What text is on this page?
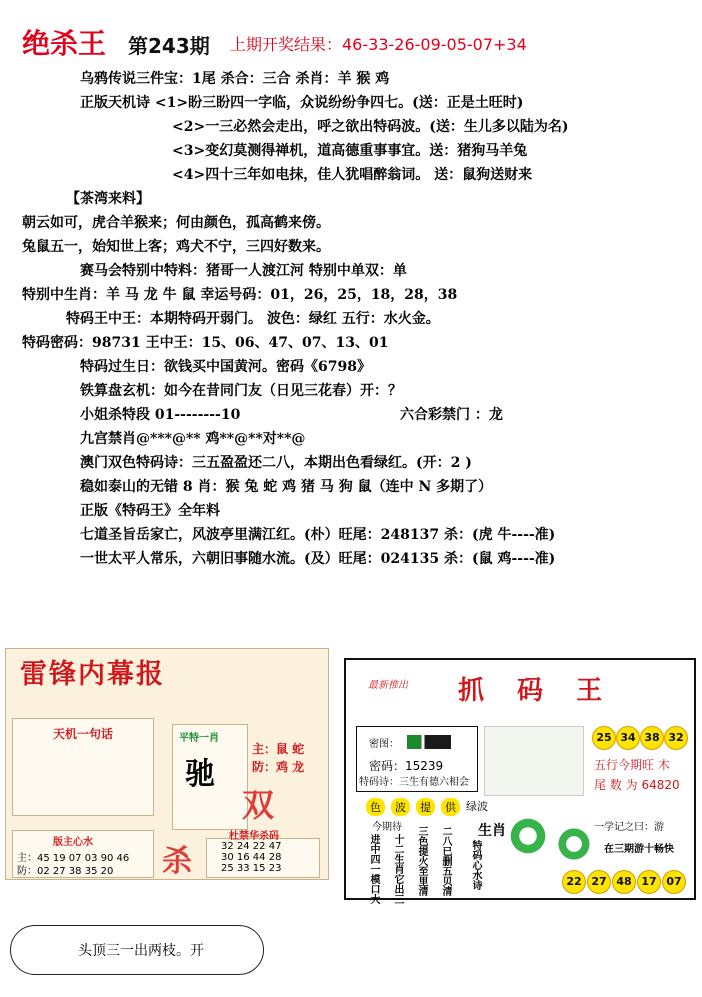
绝杀王 第243期 上期开奖结果：46-33-26-09-05-07+34
乌鸦传说三件宝：1尾 杀合：三合 杀肖：羊 猴 鸡
正版天机诗 <1>盼三盼四一字临，众说纷纷争四七。(送：正是土旺时)
<2>一三必然会走出，呼之欲出特码波。(送：生儿多以陆为名)
<3>变幻莫测得禅机，道高德重事事宜。送：猪狗马羊兔
<4>四十三年如电抹，佳人犹唱醉翁词。 送：鼠狗送财来
【茶湾来料】
朝云如可，虎合羊猴来；何由颜色，孤高鹤来傍。
兔鼠五一，始知世上客；鸡犬不宁，三四好数来。
赛马会特别中特料：猪哥一人渡江河 特别中单双：单
特别中生肖：羊 马 龙 牛 鼠 幸运号码：01，26，25，18，28，38
特码王中王：本期特码开弱门。 波色：绿红 五行：水火金。
特码密码：98731 王中王：15、06、47、07、13、01
特码过生日：欲钱买中国黄河。密码《6798》
铁算盘玄机：如今在昔同门友（日见三花春）开：？
小姐杀特段 01--------10	六合彩禁门 ：龙
九宫禁肖@***@** 鸡**@**对**@
澳门双色特码诗：三五盈盈还二八，本期出色看绿红。(开：2 )
稳如泰山的无错 8 肖：猴 兔 蛇 鸡 猪 马 狗 鼠（连中 N 多期了）
正版《特码王》全年料
七道圣旨岳家亡，风波亭里满江红。(朴）旺尾：248137 杀：(虎 牛----准)
一世太平人常乐，六朝旧事随水流。(及）旺尾：024135 杀：(鼠 鸡----准)
雷锋内幕报
天机一句话	平特一肖
驰
主：鼠 蛇
防：鸡 龙
双
版主心水
主：45 19 07 03 90 46
防：02 27 38 35 20 杀
杜禁华杀码
32 24 22 47
30 16 44 28
25 33 15 23
最新推出 抓 码 王
密图：
密码：15239
特码诗：三生有德六相会
25 34 38 32
五行今期旺 木
尾 数 为 64820
色	波	提	供 绿波
今期待
进中四一模口大 十二生肖它出三 三色提火至里清 二八已删五贝清 生肖
特码心水诗
一学记之曰：游
在三期游十畅快
22 27 48 17 07
头顶三一出两枝。开
